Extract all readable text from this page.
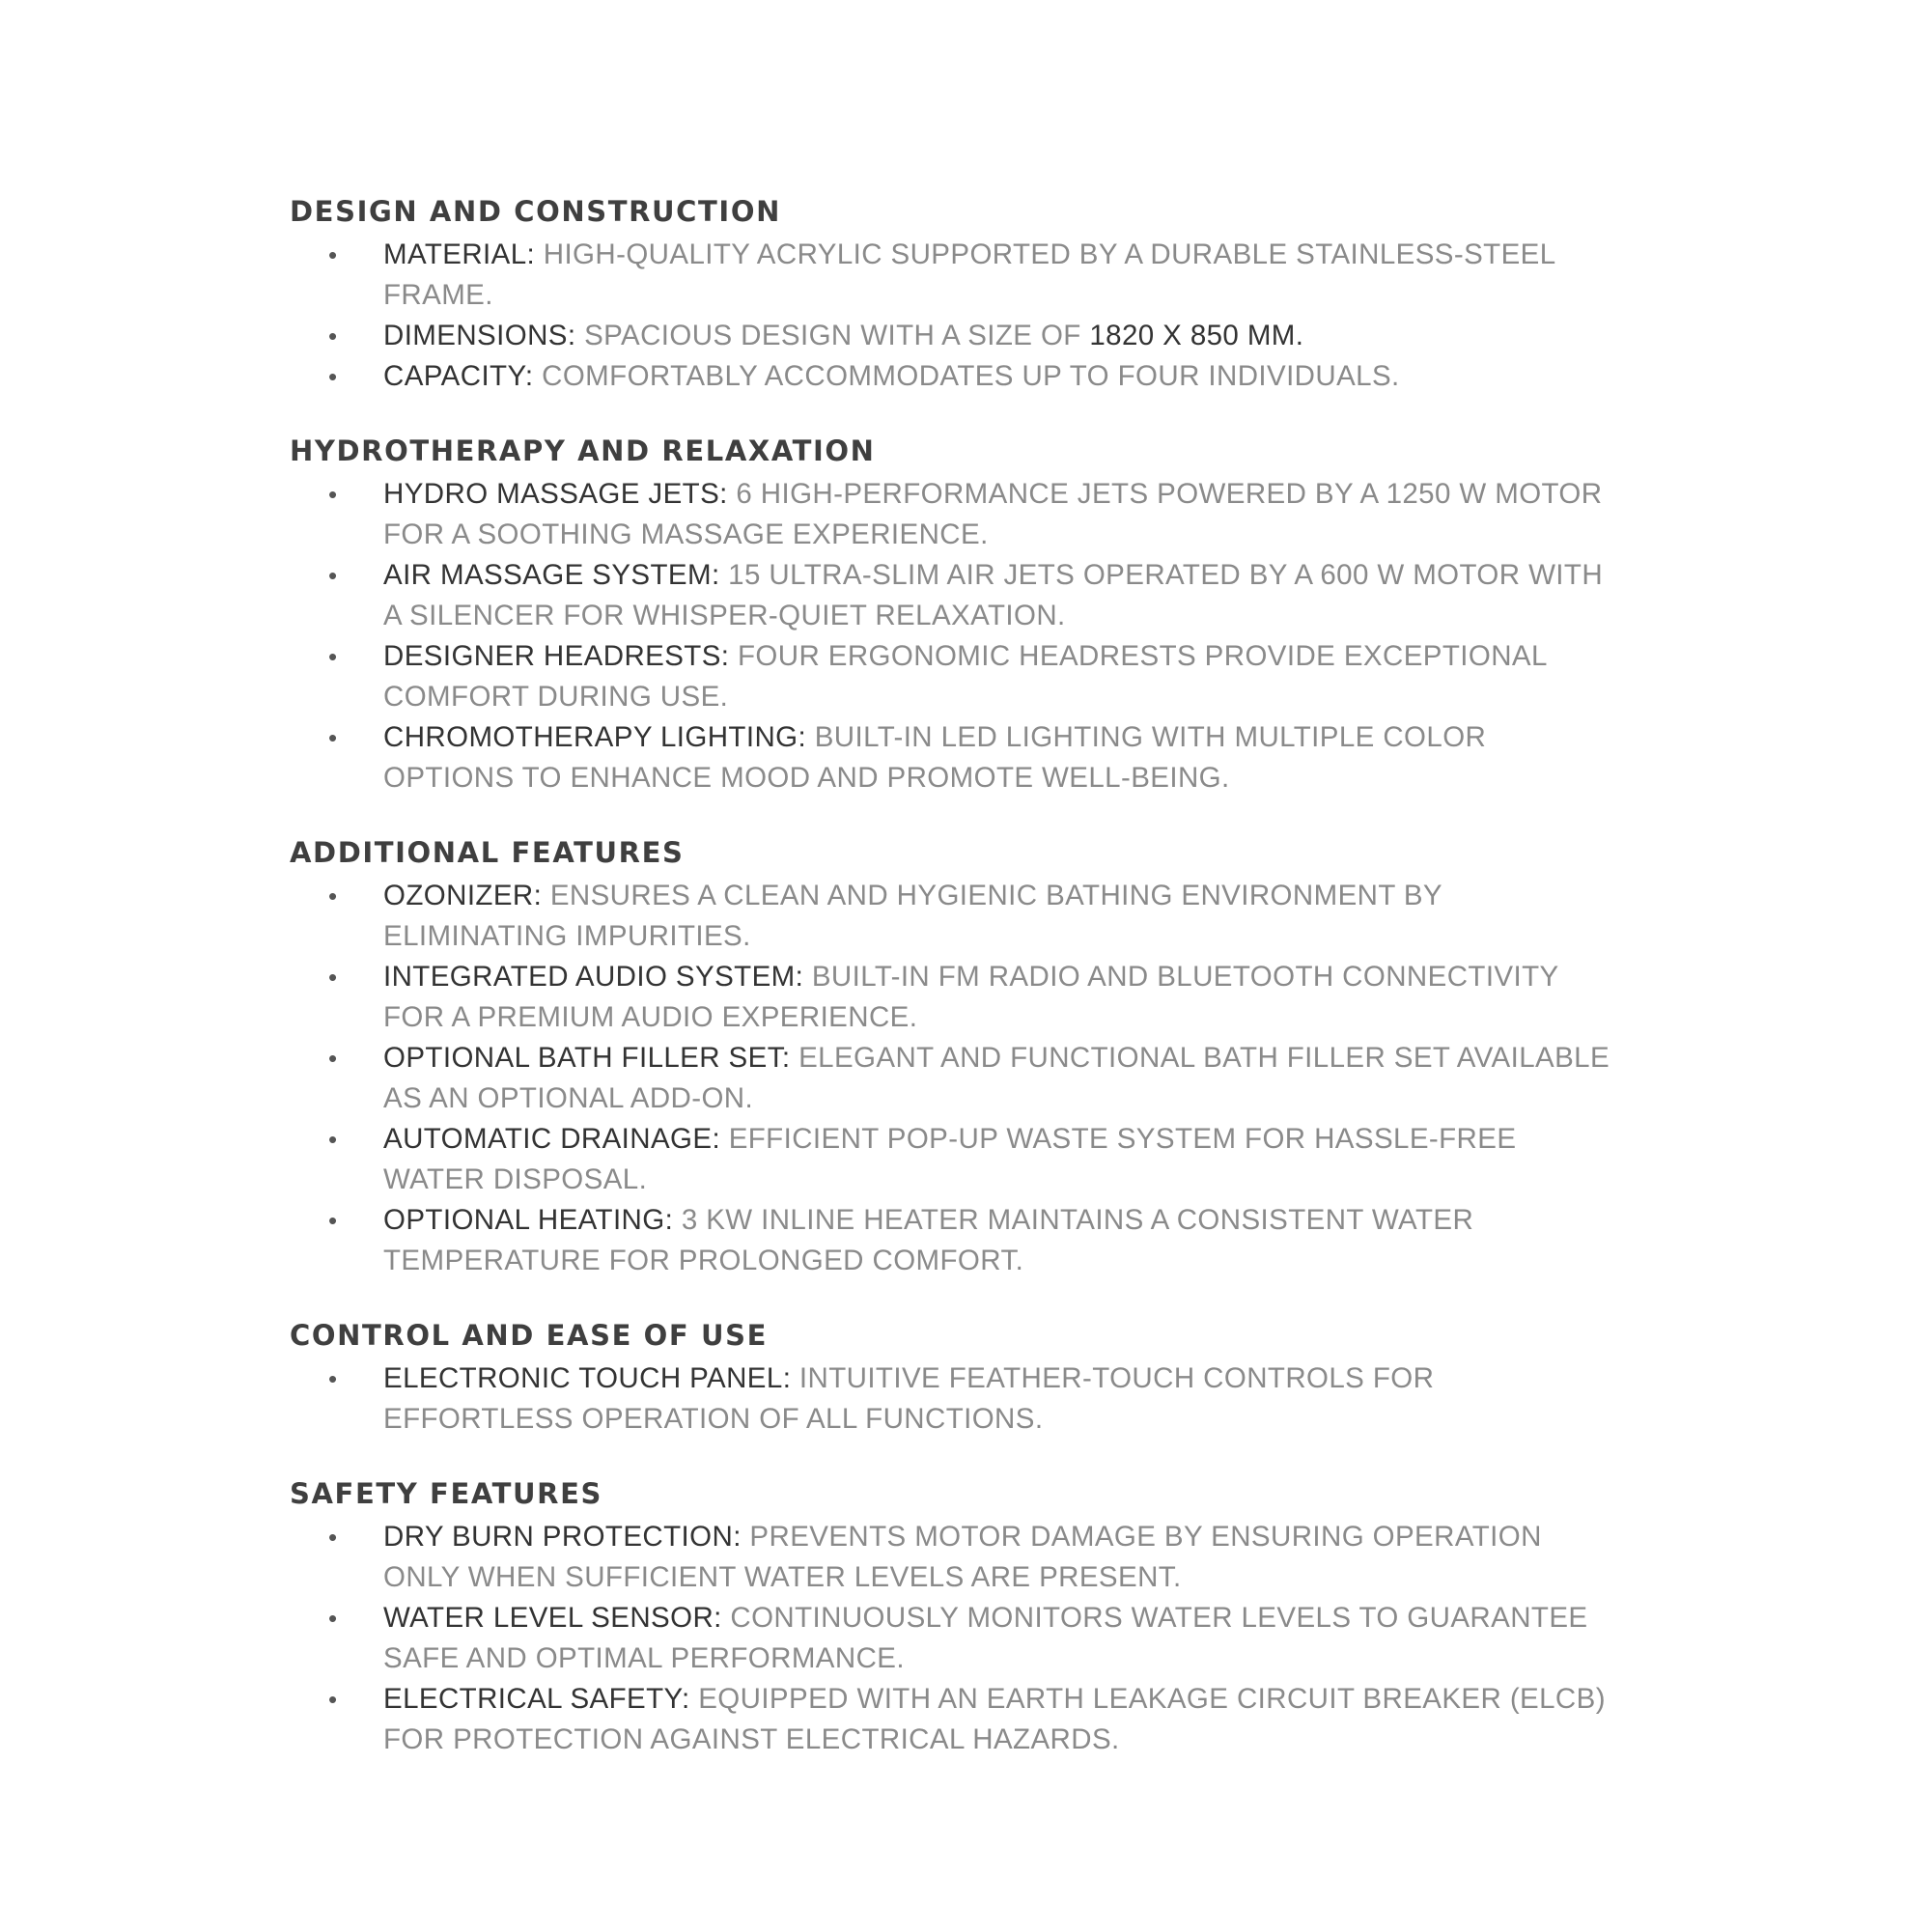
DESIGN AND CONSTRUCTION
• MATERIAL: HIGH-QUALITY ACRYLIC SUPPORTED BY A DURABLE STAINLESS-STEEL FRAME.
• DIMENSIONS: SPACIOUS DESIGN WITH A SIZE OF 1820 X 850 MM.
• CAPACITY: COMFORTABLY ACCOMMODATES UP TO FOUR INDIVIDUALS.
HYDROTHERAPY AND RELAXATION
• HYDRO MASSAGE JETS: 6 HIGH-PERFORMANCE JETS POWERED BY A 1250 W MOTOR FOR A SOOTHING MASSAGE EXPERIENCE.
• AIR MASSAGE SYSTEM: 15 ULTRA-SLIM AIR JETS OPERATED BY A 600 W MOTOR WITH A SILENCER FOR WHISPER-QUIET RELAXATION.
• DESIGNER HEADRESTS: FOUR ERGONOMIC HEADRESTS PROVIDE EXCEPTIONAL COMFORT DURING USE.
• CHROMOTHERAPY LIGHTING: BUILT-IN LED LIGHTING WITH MULTIPLE COLOR OPTIONS TO ENHANCE MOOD AND PROMOTE WELL-BEING.
ADDITIONAL FEATURES
• OZONIZER: ENSURES A CLEAN AND HYGIENIC BATHING ENVIRONMENT BY ELIMINATING IMPURITIES.
• INTEGRATED AUDIO SYSTEM: BUILT-IN FM RADIO AND BLUETOOTH CONNECTIVITY FOR A PREMIUM AUDIO EXPERIENCE.
• OPTIONAL BATH FILLER SET: ELEGANT AND FUNCTIONAL BATH FILLER SET AVAILABLE AS AN OPTIONAL ADD-ON.
• AUTOMATIC DRAINAGE: EFFICIENT POP-UP WASTE SYSTEM FOR HASSLE-FREE WATER DISPOSAL.
• OPTIONAL HEATING: 3 KW INLINE HEATER MAINTAINS A CONSISTENT WATER TEMPERATURE FOR PROLONGED COMFORT.
CONTROL AND EASE OF USE
• ELECTRONIC TOUCH PANEL: INTUITIVE FEATHER-TOUCH CONTROLS FOR EFFORTLESS OPERATION OF ALL FUNCTIONS.
SAFETY FEATURES
• DRY BURN PROTECTION: PREVENTS MOTOR DAMAGE BY ENSURING OPERATION ONLY WHEN SUFFICIENT WATER LEVELS ARE PRESENT.
• WATER LEVEL SENSOR: CONTINUOUSLY MONITORS WATER LEVELS TO GUARANTEE SAFE AND OPTIMAL PERFORMANCE.
• ELECTRICAL SAFETY: EQUIPPED WITH AN EARTH LEAKAGE CIRCUIT BREAKER (ELCB) FOR PROTECTION AGAINST ELECTRICAL HAZARDS.
